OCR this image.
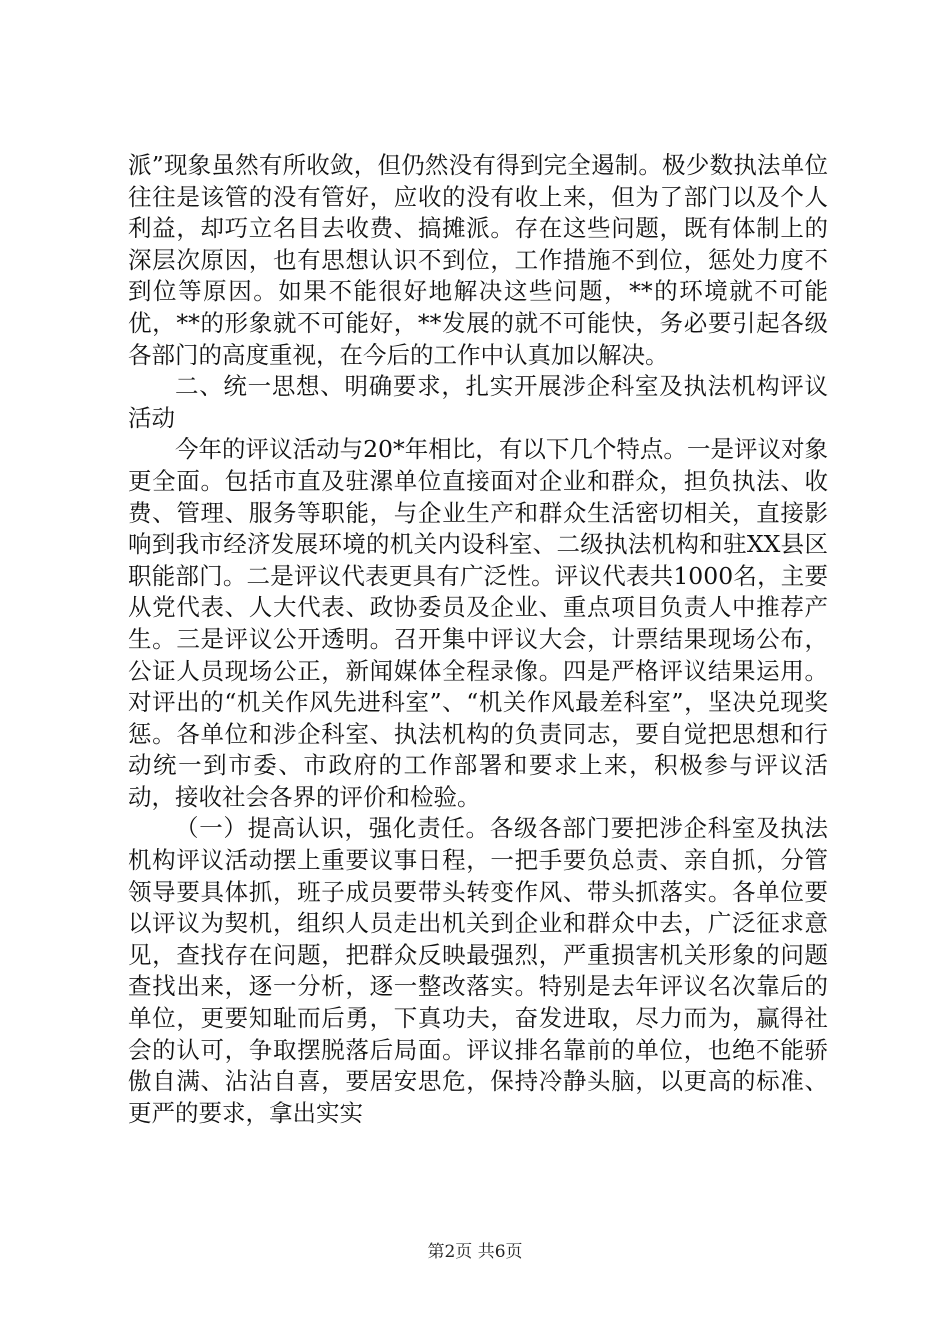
派”现象虽然有所收敛，但仍然没有得到完全遏制。极少数执法单位往往是该管的没有管好，应收的没有收上来，但为了部门以及个人利益，却巧立名目去收费、搞摊派。存在这些问题，既有体制上的深层次原因，也有思想认识不到位，工作措施不到位，惩处力度不到位等原因。如果不能很好地解决这些问题，**的环境就不可能优，**的形象就不可能好，**发展的就不可能快，务必要引起各级各部门的高度重视，在今后的工作中认真加以解决。

二、统一思想、明确要求，扎实开展涉企科室及执法机构评议活动

今年的评议活动与20*年相比，有以下几个特点。一是评议对象更全面。包括市直及驻漯单位直接面对企业和群众，担负执法、收费、管理、服务等职能，与企业生产和群众生活密切相关，直接影响到我市经济发展环境的机关内设科室、二级执法机构和驻XX县区职能部门。二是评议代表更具有广泛性。评议代表共1000名，主要从党代表、人大代表、政协委员及企业、重点项目负责人中推荐产生。三是评议公开透明。召开集中评议大会，计票结果现场公布，公证人员现场公正，新闻媒体全程录像。四是严格评议结果运用。对评出的“机关作风先进科室”、“机关作风最差科室”，坚决兑现奖惩。各单位和涉企科室、执法机构的负责同志，要自觉把思想和行动统一到市委、市政府的工作部署和要求上来，积极参与评议活动，接收社会各界的评价和检验。

（一）提高认识，强化责任。各级各部门要把涉企科室及执法机构评议活动摆上重要议事日程，一把手要负总责、亲自抓，分管领导要具体抓，班子成员要带头转变作风、带头抓落实。各单位要以评议为契机，组织人员走出机关到企业和群众中去，广泛征求意见，查找存在问题，把群众反映最强烈，严重损害机关形象的问题查找出来，逐一分析，逐一整改落实。特别是去年评议名次靠后的单位，更要知耻而后勇，下真功夫，奋发进取，尽力而为，赢得社会的认可，争取摆脱落后局面。评议排名靠前的单位，也绝不能骄傲自满、沾沾自喜，要居安思危，保持冷静头脑，以更高的标准、更严的要求，拿出实实

第2页 共6页
